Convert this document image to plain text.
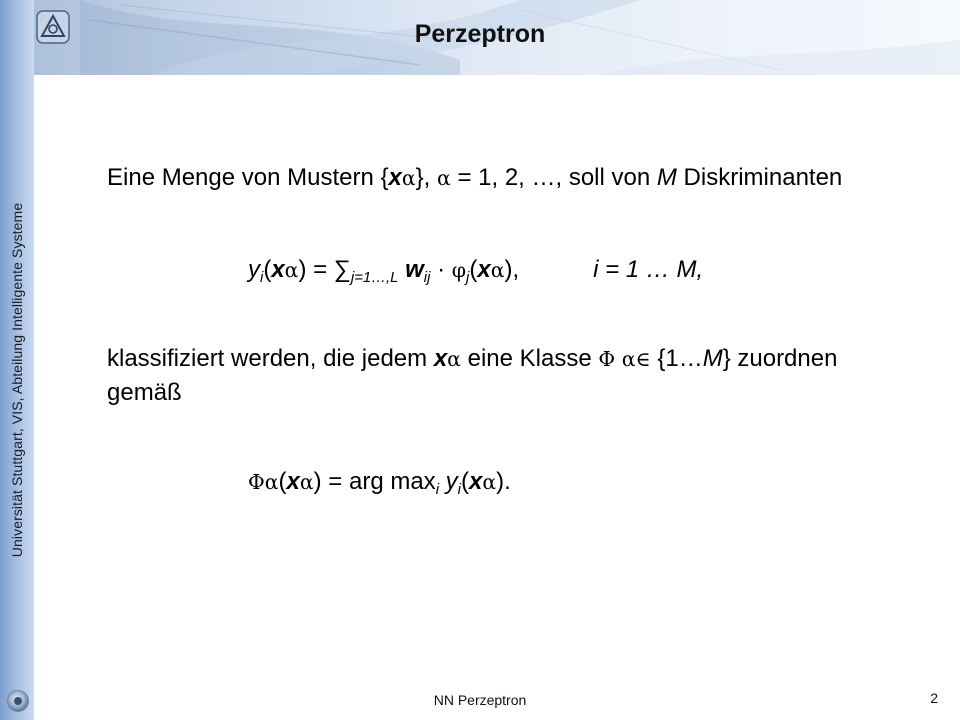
Perzeptron
Universität Stuttgart, VIS, Abteilung Intelligente Systeme
Eine Menge von Mustern {xα}, α = 1, 2, …, soll von M Diskriminanten
$y_i(x\alpha) = \sum_{j=1\dots,L}$ $w_{ij} \cdot \varphi_j(x\alpha)$,	i = 1 … M,
klassifiziert werden, die jedem xα eine Klasse Φ α∈ {1…M} zuordnen
gemäß
Φα(xα) = arg $\max_i y_i(x\alpha)$.
NN Perzeptron	2
